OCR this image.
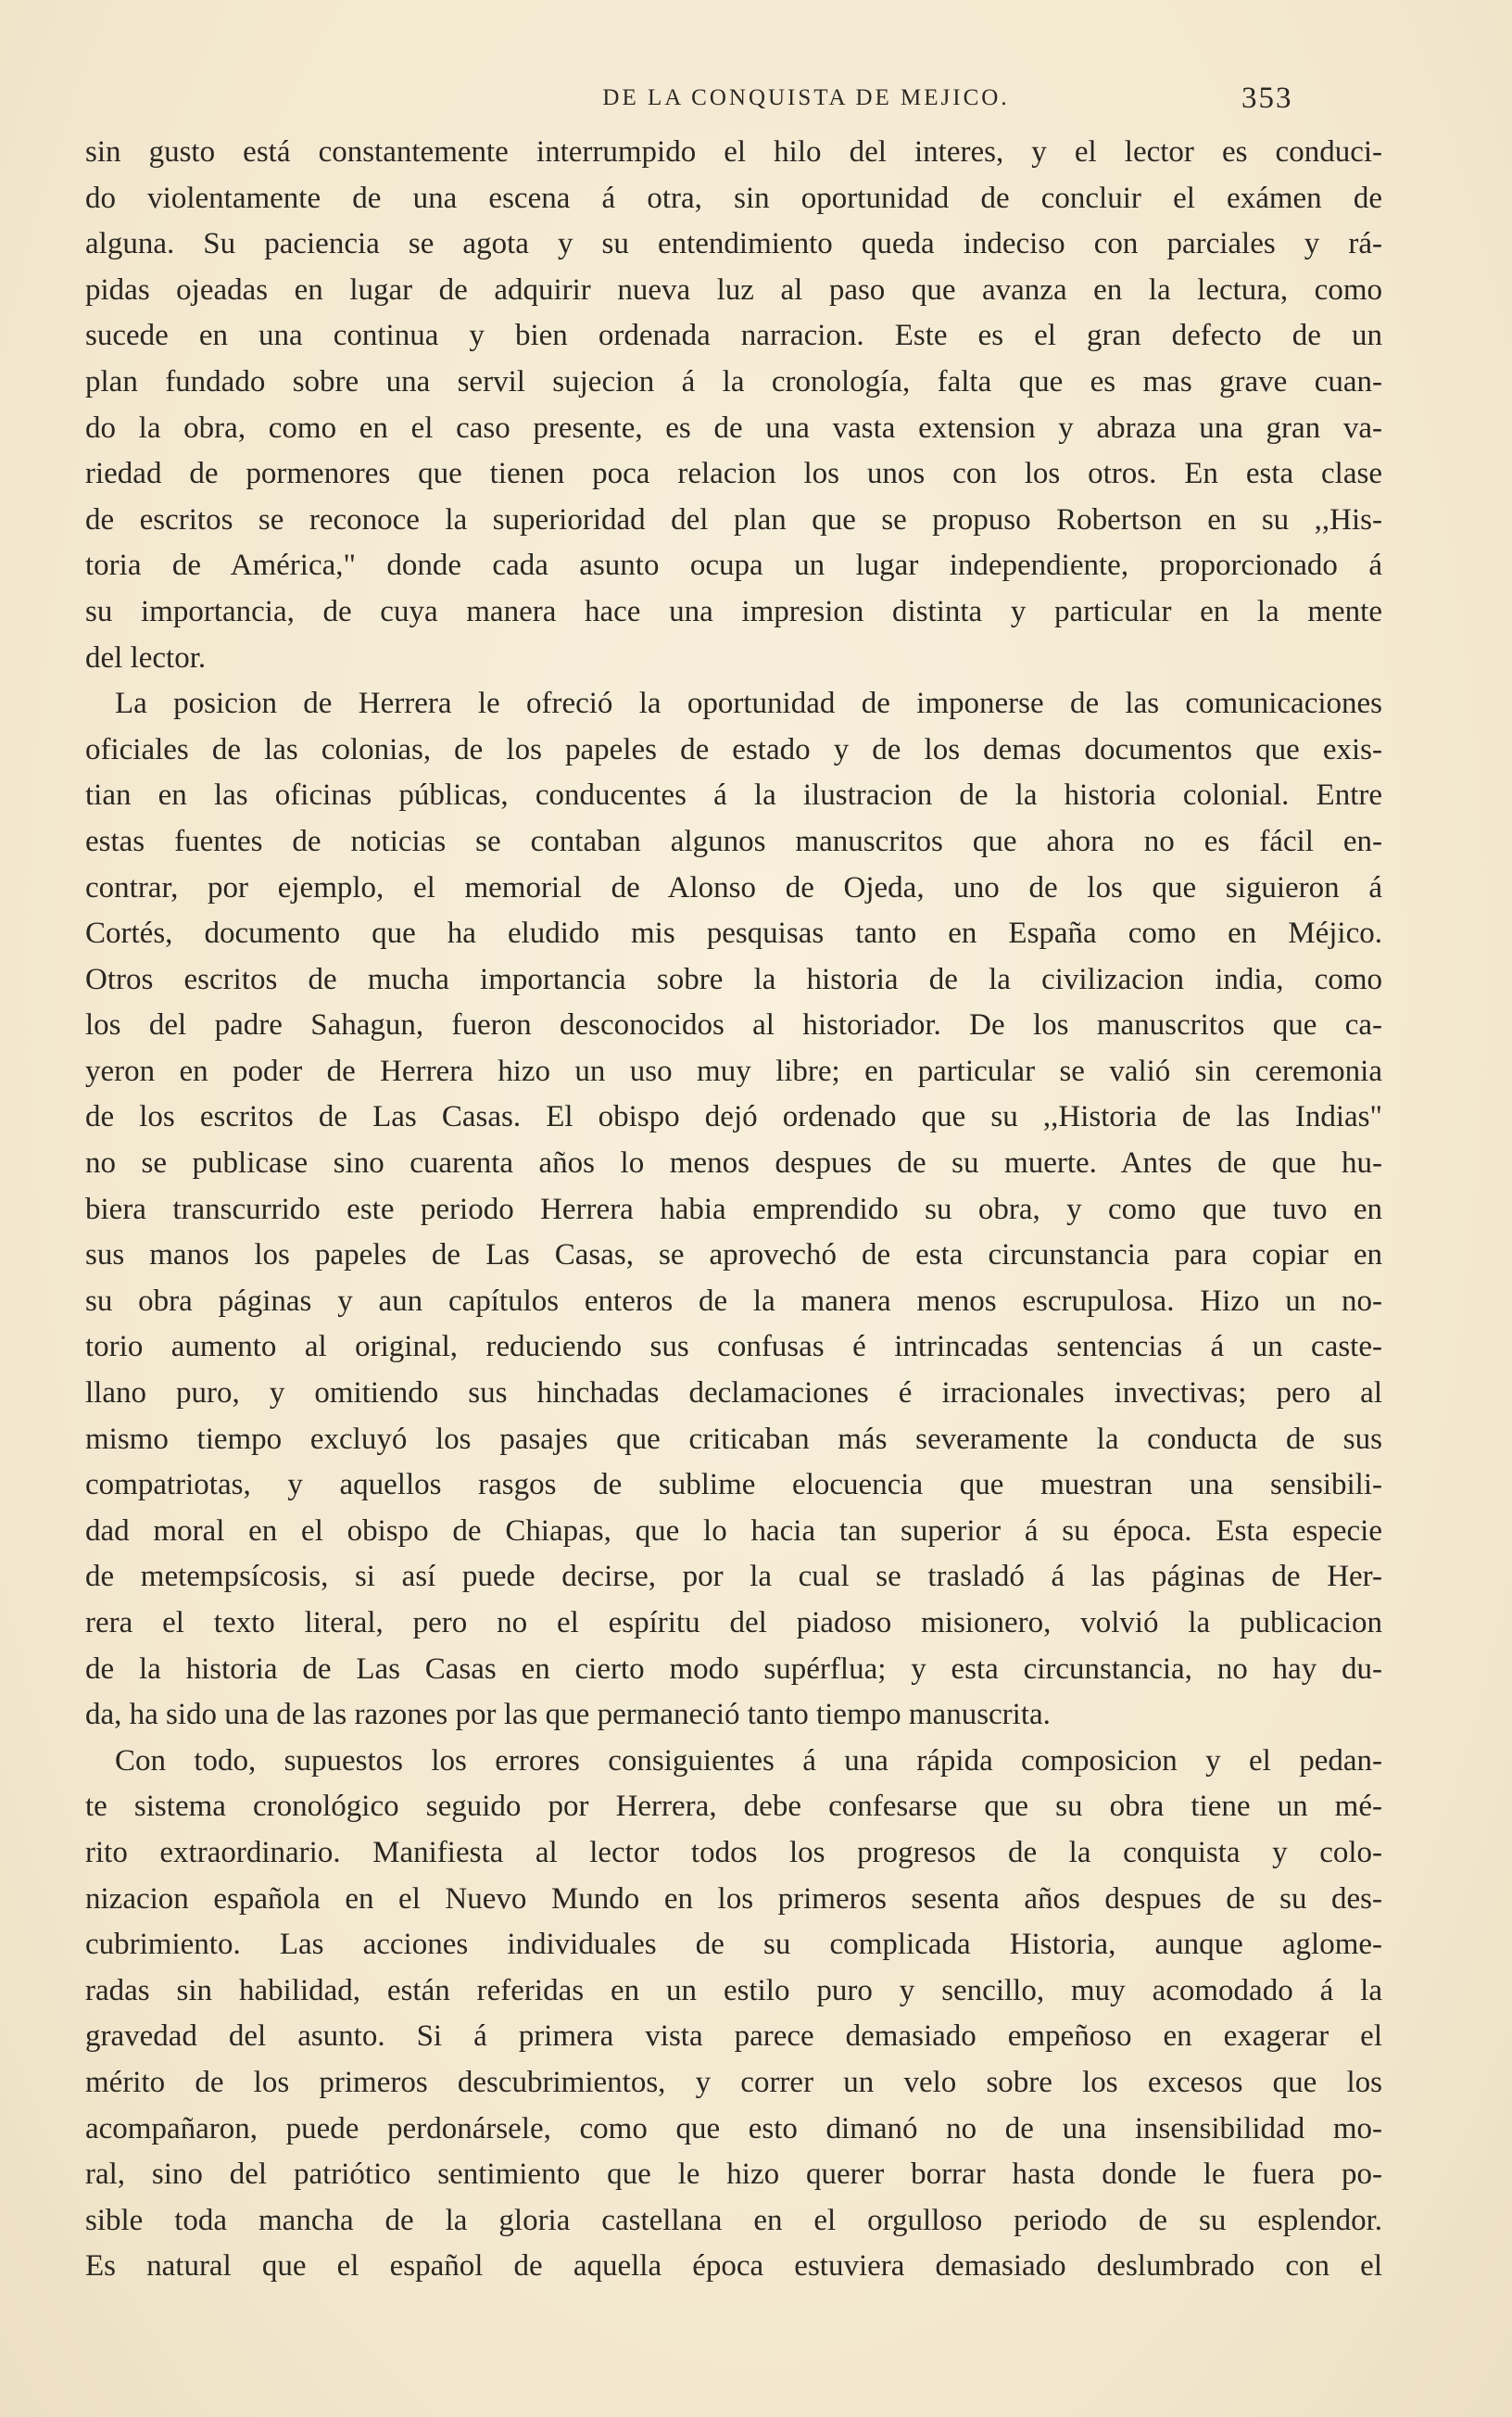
DE LA CONQUISTA DE MEJICO.	353
sin gusto está constantemente interrumpido el hilo del interes, y el lector es conduci-
do violentamente de una escena á otra, sin oportunidad de concluir el exámen de
alguna. Su paciencia se agota y su entendimiento queda indeciso con parciales y rá-
pidas ojeadas en lugar de adquirir nueva luz al paso que avanza en la lectura, como
sucede en una continua y bien ordenada narracion. Este es el gran defecto de un
plan fundado sobre una servil sujecion á la cronología, falta que es mas grave cuan-
do la obra, como en el caso presente, es de una vasta extension y abraza una gran va-
riedad de pormenores que tienen poca relacion los unos con los otros. En esta clase
de escritos se reconoce la superioridad del plan que se propuso Robertson en su ,,His-
toria de América," donde cada asunto ocupa un lugar independiente, proporcionado á
su importancia, de cuya manera hace una impresion distinta y particular en la mente
del lector.
La posicion de Herrera le ofreció la oportunidad de imponerse de las comunicaciones
oficiales de las colonias, de los papeles de estado y de los demas documentos que exis-
tian en las oficinas públicas, conducentes á la ilustracion de la historia colonial. Entre
estas fuentes de noticias se contaban algunos manuscritos que ahora no es fácil en-
contrar, por ejemplo, el memorial de Alonso de Ojeda, uno de los que siguieron á
Cortés, documento que ha eludido mis pesquisas tanto en España como en Méjico.
Otros escritos de mucha importancia sobre la historia de la civilizacion india, como
los del padre Sahagun, fueron desconocidos al historiador. De los manuscritos que ca-
yeron en poder de Herrera hizo un uso muy libre; en particular se valió sin ceremonia
de los escritos de Las Casas. El obispo dejó ordenado que su ,,Historia de las Indias"
no se publicase sino cuarenta años lo menos despues de su muerte. Antes de que hu-
biera transcurrido este periodo Herrera habia emprendido su obra, y como que tuvo en
sus manos los papeles de Las Casas, se aprovechó de esta circunstancia para copiar en
su obra páginas y aun capítulos enteros de la manera menos escrupulosa. Hizo un no-
torio aumento al original, reduciendo sus confusas é intrincadas sentencias á un caste-
llano puro, y omitiendo sus hinchadas declamaciones é irracionales invectivas; pero al
mismo tiempo excluyó los pasajes que criticaban más severamente la conducta de sus
compatriotas, y aquellos rasgos de sublime elocuencia que muestran una sensibili-
dad moral en el obispo de Chiapas, que lo hacia tan superior á su época. Esta especie
de metempsícosis, si así puede decirse, por la cual se trasladó á las páginas de Her-
rera el texto literal, pero no el espíritu del piadoso misionero, volvió la publicacion
de la historia de Las Casas en cierto modo supérflua; y esta circunstancia, no hay du-
da, ha sido una de las razones por las que permaneció tanto tiempo manuscrita.
Con todo, supuestos los errores consiguientes á una rápida composicion y el pedan-
te sistema cronológico seguido por Herrera, debe confesarse que su obra tiene un mé-
rito extraordinario. Manifiesta al lector todos los progresos de la conquista y colo-
nizacion española en el Nuevo Mundo en los primeros sesenta años despues de su des-
cubrimiento. Las acciones individuales de su complicada Historia, aunque aglome-
radas sin habilidad, están referidas en un estilo puro y sencillo, muy acomodado á la
gravedad del asunto. Si á primera vista parece demasiado empeñoso en exagerar el
mérito de los primeros descubrimientos, y correr un velo sobre los excesos que los
acompañaron, puede perdonársele, como que esto dimanó no de una insensibilidad mo-
ral, sino del patriótico sentimiento que le hizo querer borrar hasta donde le fuera po-
sible toda mancha de la gloria castellana en el orgulloso periodo de su esplendor.
Es natural que el español de aquella época estuviera demasiado deslumbrado con el
